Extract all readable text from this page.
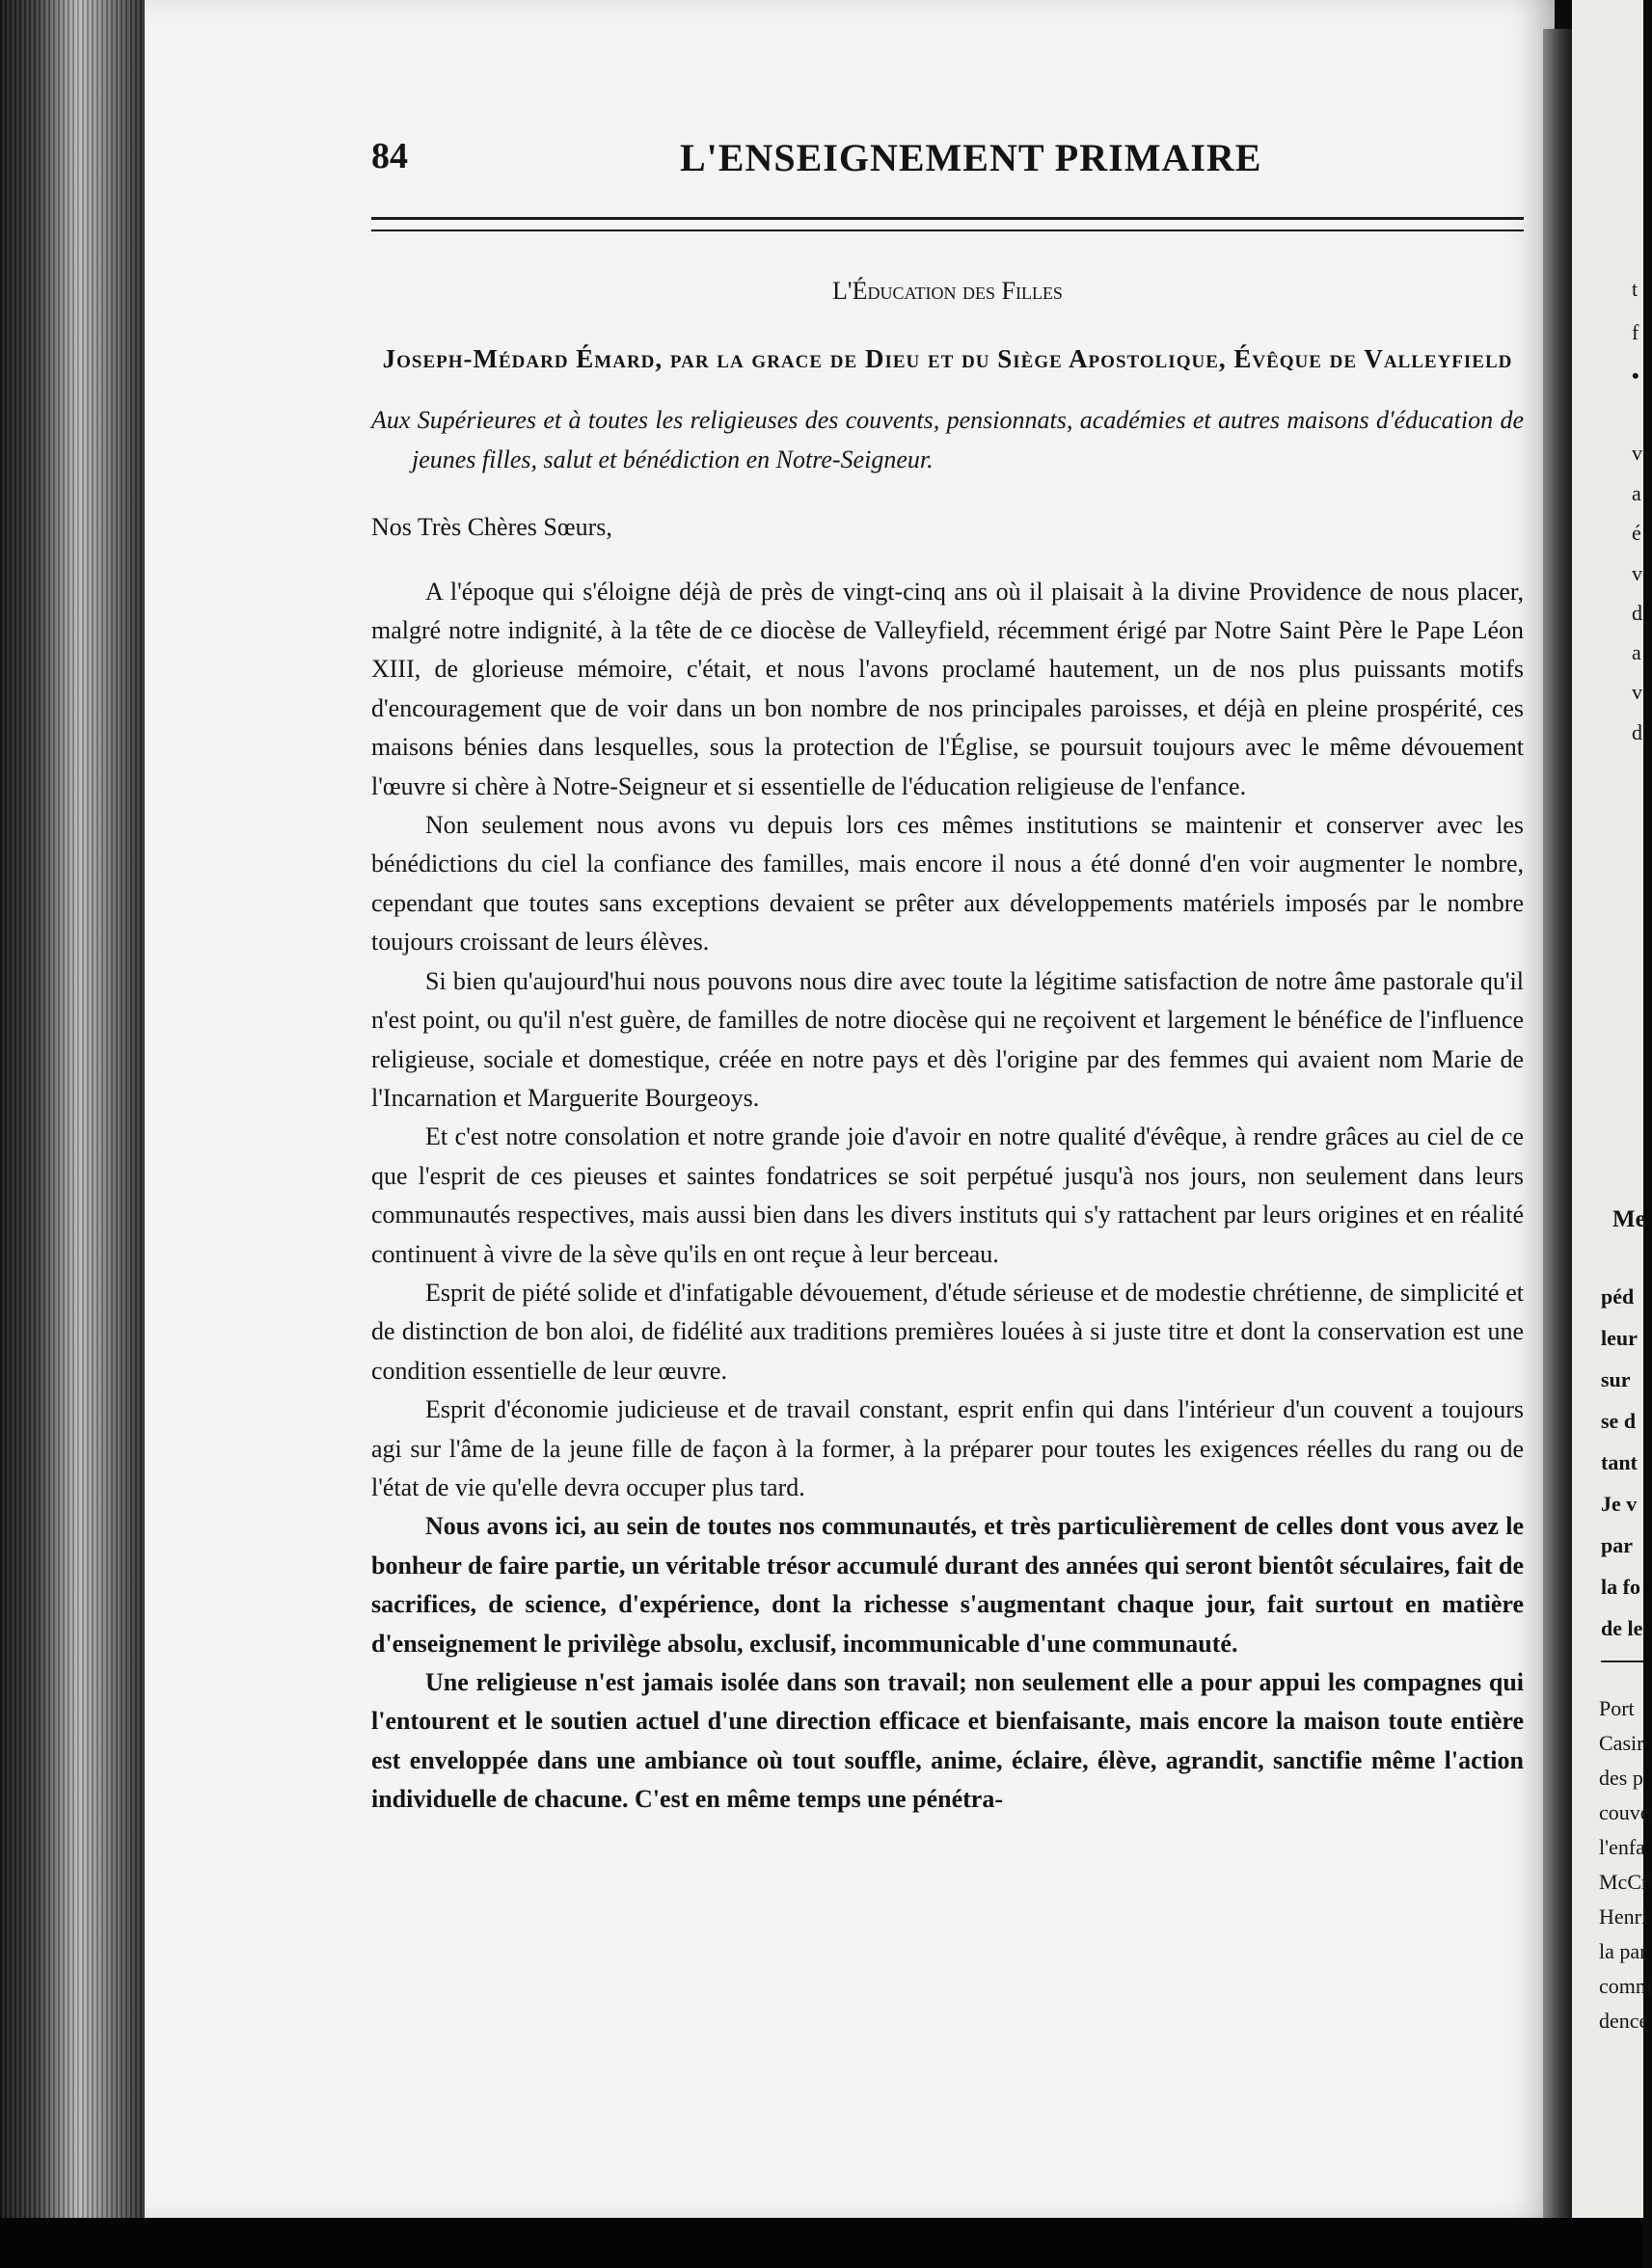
84	L'ENSEIGNEMENT PRIMAIRE
L'Éducation des Filles
Joseph-Médard Émard, par la grace de Dieu et du Siège Apostolique, Évêque de Valleyfield
Aux Supérieures et à toutes les religieuses des couvents, pensionnats, académies et autres maisons d'éducation de jeunes filles, salut et bénédiction en Notre-Seigneur.
Nos Très Chères Sœurs,

A l'époque qui s'éloigne déjà de près de vingt-cinq ans où il plaisait à la divine Providence de nous placer, malgré notre indignité, à la tête de ce diocèse de Valleyfield, récemment érigé par Notre Saint Père le Pape Léon XIII, de glorieuse mémoire, c'était, et nous l'avons proclamé hautement, un de nos plus puissants motifs d'encouragement que de voir dans un bon nombre de nos principales paroisses, et déjà en pleine prospérité, ces maisons bénies dans lesquelles, sous la protection de l'Église, se poursuit toujours avec le même dévouement l'œuvre si chère à Notre-Seigneur et si essentielle de l'éducation religieuse de l'enfance.

Non seulement nous avons vu depuis lors ces mêmes institutions se maintenir et conserver avec les bénédictions du ciel la confiance des familles, mais encore il nous a été donné d'en voir augmenter le nombre, cependant que toutes sans exceptions devaient se prêter aux développements matériels imposés par le nombre toujours croissant de leurs élèves.

Si bien qu'aujourd'hui nous pouvons nous dire avec toute la légitime satisfaction de notre âme pastorale qu'il n'est point, ou qu'il n'est guère, de familles de notre diocèse qui ne reçoivent et largement le bénéfice de l'influence religieuse, sociale et domestique, créée en notre pays et dès l'origine par des femmes qui avaient nom Marie de l'Incarnation et Marguerite Bourgeoys.

Et c'est notre consolation et notre grande joie d'avoir en notre qualité d'évêque, à rendre grâces au ciel de ce que l'esprit de ces pieuses et saintes fondatrices se soit perpétué jusqu'à nos jours, non seulement dans leurs communautés respectives, mais aussi bien dans les divers instituts qui s'y rattachent par leurs origines et en réalité continuent à vivre de la sève qu'ils en ont reçue à leur berceau.

Esprit de piété solide et d'infatigable dévouement, d'étude sérieuse et de modestie chrétienne, de simplicité et de distinction de bon aloi, de fidélité aux traditions premières louées à si juste titre et dont la conservation est une condition essentielle de leur œuvre.

Esprit d'économie judicieuse et de travail constant, esprit enfin qui dans l'intérieur d'un couvent a toujours agi sur l'âme de la jeune fille de façon à la former, à la préparer pour toutes les exigences réelles du rang ou de l'état de vie qu'elle devra occuper plus tard.

Nous avons ici, au sein de toutes nos communautés, et très particulièrement de celles dont vous avez le bonheur de faire partie, un véritable trésor accumulé durant des années qui seront bientôt séculaires, fait de sacrifices, de science, d'expérience, dont la richesse s'augmentant chaque jour, fait surtout en matière d'enseignement le privilège absolu, exclusif, incommunicable d'une communauté.

Une religieuse n'est jamais isolée dans son travail; non seulement elle a pour appui les compagnes qui l'entourent et le soutien actuel d'une direction efficace et bienfaisante, mais encore la maison toute entière est enveloppée dans une ambiance où tout souffle, anime, éclaire, élève, agrandit, sanctifie même l'action individuelle de chacune. C'est en même temps une pénétra-

t
f
•
v
a
é
v
d
a
v
d
Me
péd
leur
sur
se d
tant
Je v
par
la fo
de le
Port
Casir
des p
couve
l'enfa
McCr
Henri
la par
comm
dence
